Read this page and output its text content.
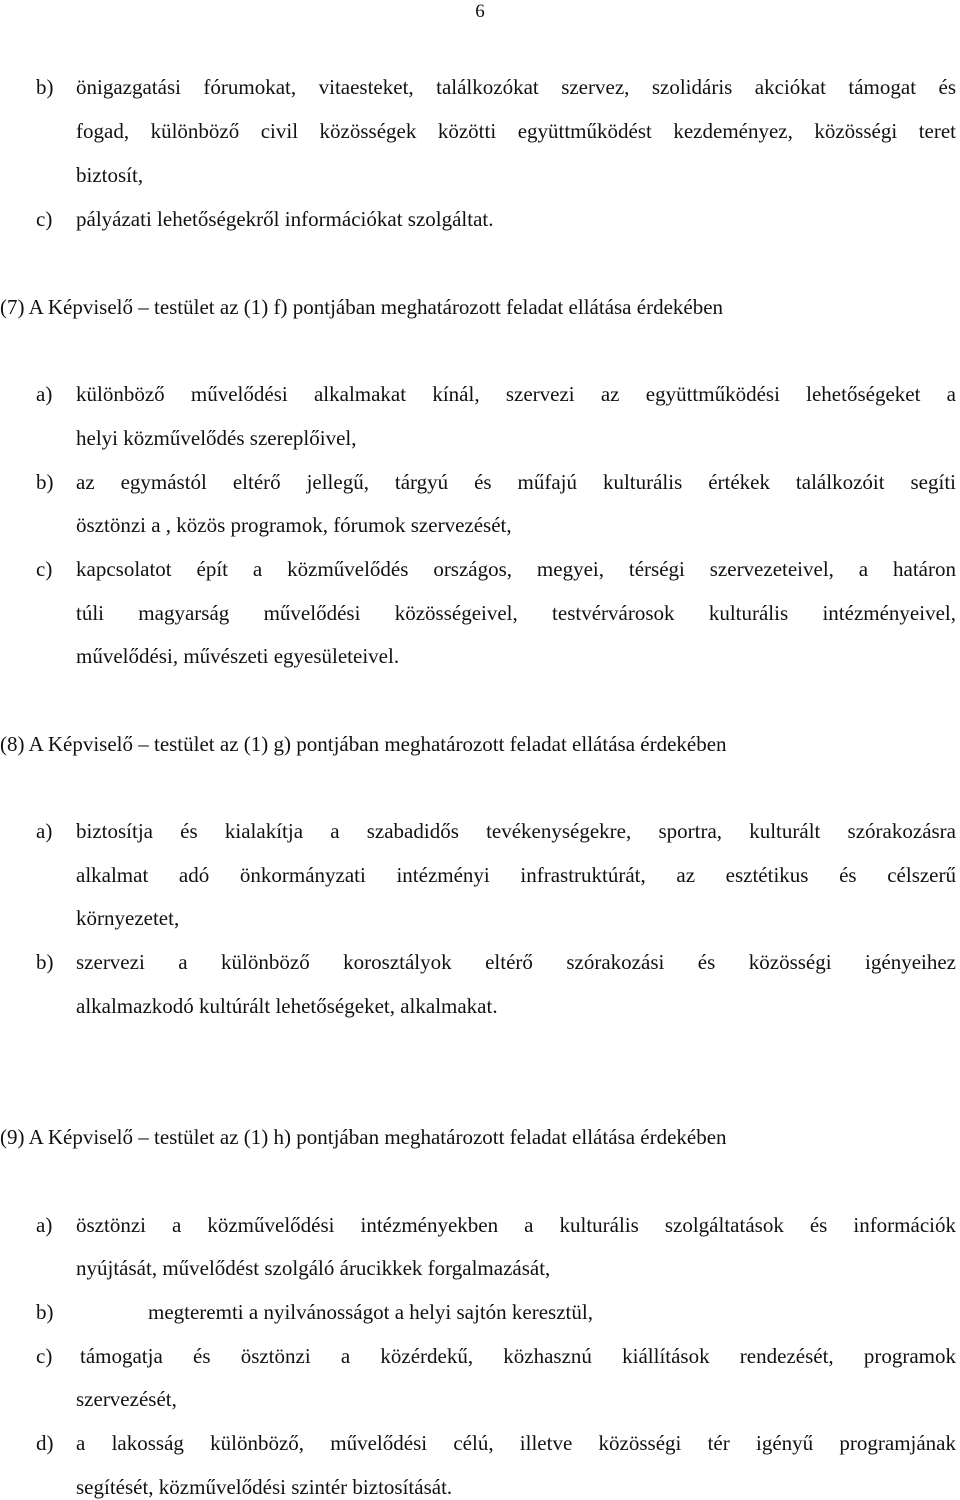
6
b) önigazgatási fórumokat, vitaesteket, találkozókat szervez, szolidáris akciókat támogat és
fogad, különböző civil közösségek közötti együttműködést kezdeményez, közösségi teret
biztosít,
c) pályázati lehetőségekről információkat szolgáltat.
(7) A Képviselő – testület az (1) f) pontjában meghatározott feladat ellátása érdekében
a) különböző művelődési alkalmakat kínál, szervezi az együttműködési lehetőségeket a
helyi közművelődés szereplőivel,
b) az egymástól eltérő jellegű, tárgyú és műfajú kulturális értékek találkozóit segíti
ösztönzi a , közös programok, fórumok szervezését,
c) kapcsolatot épít a közművelődés országos, megyei, térségi szervezeteivel, a határon
túli magyarság művelődési közösségeivel, testvérvárosok kulturális intézményeivel,
művelődési, művészeti egyesületeivel.
(8) A Képviselő – testület az (1) g) pontjában meghatározott feladat ellátása érdekében
a) biztosítja és kialakítja a szabadidős tevékenységekre, sportra, kulturált szórakozásra
alkalmat adó önkormányzati intézményi infrastruktúrát, az esztétikus és célszerű
környezetet,
b) szervezi a különböző korosztályok eltérő szórakozási és közösségi igényeihez
alkalmazkodó kultúrált lehetőségeket, alkalmakat.
(9) A Képviselő – testület az (1) h) pontjában meghatározott feladat ellátása érdekében
a) ösztönzi a közművelődési intézményekben a kulturális szolgáltatások és információk
nyújtását, művelődést szolgáló árucikkek forgalmazását,
b)	megteremti a nyilvánosságot a helyi sajtón keresztül,
c) támogatja és ösztönzi a közérdekű, közhasznú kiállítások rendezését, programok
szervezését,
d) a lakosság különböző, művelődési célú, illetve közösségi tér igényű programjának
segítését, közművelődési szintér biztosítását.
